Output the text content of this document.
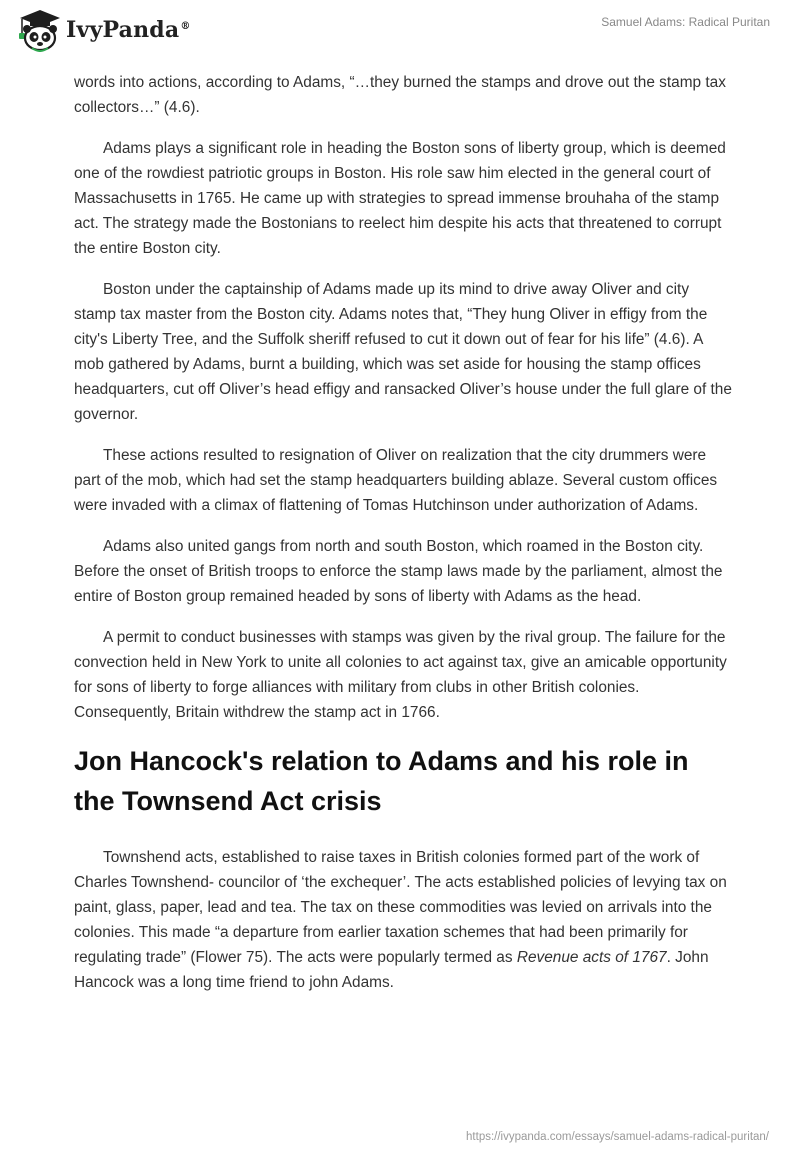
IvyPanda®	Samuel Adams: Radical Puritan

words into actions, according to Adams, “…they burned the stamps and drove out the stamp tax collectors…” (4.6).

Adams plays a significant role in heading the Boston sons of liberty group, which is deemed one of the rowdiest patriotic groups in Boston. His role saw him elected in the general court of Massachusetts in 1765. He came up with strategies to spread immense brouhaha of the stamp act. The strategy made the Bostonians to reelect him despite his acts that threatened to corrupt the entire Boston city.

Boston under the captainship of Adams made up its mind to drive away Oliver and city stamp tax master from the Boston city. Adams notes that, “They hung Oliver in effigy from the city's Liberty Tree, and the Suffolk sheriff refused to cut it down out of fear for his life” (4.6). A mob gathered by Adams, burnt a building, which was set aside for housing the stamp offices headquarters, cut off Oliver’s head effigy and ransacked Oliver’s house under the full glare of the governor.

These actions resulted to resignation of Oliver on realization that the city drummers were part of the mob, which had set the stamp headquarters building ablaze. Several custom offices were invaded with a climax of flattening of Tomas Hutchinson under authorization of Adams.

Adams also united gangs from north and south Boston, which roamed in the Boston city. Before the onset of British troops to enforce the stamp laws made by the parliament, almost the entire of Boston group remained headed by sons of liberty with Adams as the head.

A permit to conduct businesses with stamps was given by the rival group. The failure for the convection held in New York to unite all colonies to act against tax, give an amicable opportunity for sons of liberty to forge alliances with military from clubs in other British colonies. Consequently, Britain withdrew the stamp act in 1766.

Jon Hancock's relation to Adams and his role in the Townsend Act crisis

Townshend acts, established to raise taxes in British colonies formed part of the work of Charles Townshend- councilor of ‘the exchequer’. The acts established policies of levying tax on paint, glass, paper, lead and tea. The tax on these commodities was levied on arrivals into the colonies. This made “a departure from earlier taxation schemes that had been primarily for regulating trade” (Flower 75). The acts were popularly termed as Revenue acts of 1767. John Hancock was a long time friend to john Adams.

https://ivypanda.com/essays/samuel-adams-radical-puritan/
